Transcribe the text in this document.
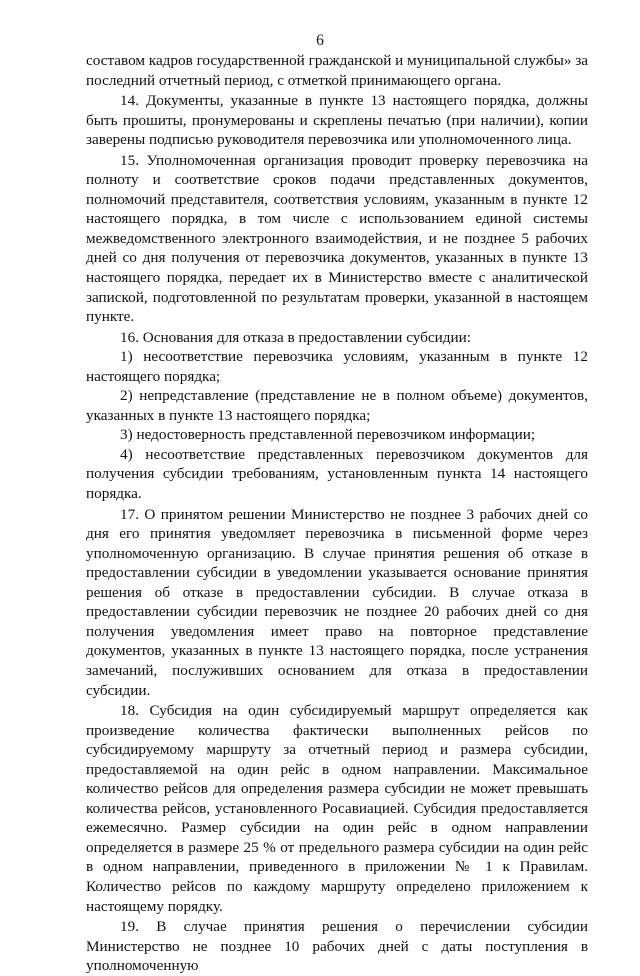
6

составом кадров государственной гражданской и муниципальной службы» за последний отчетный период, с отметкой принимающего органа.

14. Документы, указанные в пункте 13 настоящего порядка, должны быть прошиты, пронумерованы и скреплены печатью (при наличии), копии заверены подписью руководителя перевозчика или уполномоченного лица.

15. Уполномоченная организация проводит проверку перевозчика на полноту и соответствие сроков подачи представленных документов, полномочий представителя, соответствия условиям, указанным в пункте 12 настоящего порядка, в том числе с использованием единой системы межведомственного электронного взаимодействия, и не позднее 5 рабочих дней со дня получения от перевозчика документов, указанных в пункте 13 настоящего порядка, передает их в Министерство вместе с аналитической запиской, подготовленной по результатам проверки, указанной в настоящем пункте.

16. Основания для отказа в предоставлении субсидии:

1) несоответствие перевозчика условиям, указанным в пункте 12 настоящего порядка;

2) непредставление (представление не в полном объеме) документов, указанных в пункте 13 настоящего порядка;

3) недостоверность представленной перевозчиком информации;

4) несоответствие представленных перевозчиком документов для получения субсидии требованиям, установленным пункта 14 настоящего порядка.

17. О принятом решении Министерство не позднее 3 рабочих дней со дня его принятия уведомляет перевозчика в письменной форме через уполномоченную организацию. В случае принятия решения об отказе в предоставлении субсидии в уведомлении указывается основание принятия решения об отказе в предоставлении субсидии. В случае отказа в предоставлении субсидии перевозчик не позднее 20 рабочих дней со дня получения уведомления имеет право на повторное представление документов, указанных в пункте 13 настоящего порядка, после устранения замечаний, послуживших основанием для отказа в предоставлении субсидии.

18. Субсидия на один субсидируемый маршрут определяется как произведение количества фактически выполненных рейсов по субсидируемому маршруту за отчетный период и размера субсидии, предоставляемой на один рейс в одном направлении. Максимальное количество рейсов для определения размера субсидии не может превышать количества рейсов, установленного Росавиацией. Субсидия предоставляется ежемесячно. Размер субсидии на один рейс в одном направлении определяется в размере 25 % от предельного размера субсидии на один рейс в одном направлении, приведенного в приложении № 1 к Правилам. Количество рейсов по каждому маршруту определено приложением к настоящему порядку.

19. В случае принятия решения о перечислении субсидии Министерство не позднее 10 рабочих дней с даты поступления в уполномоченную
